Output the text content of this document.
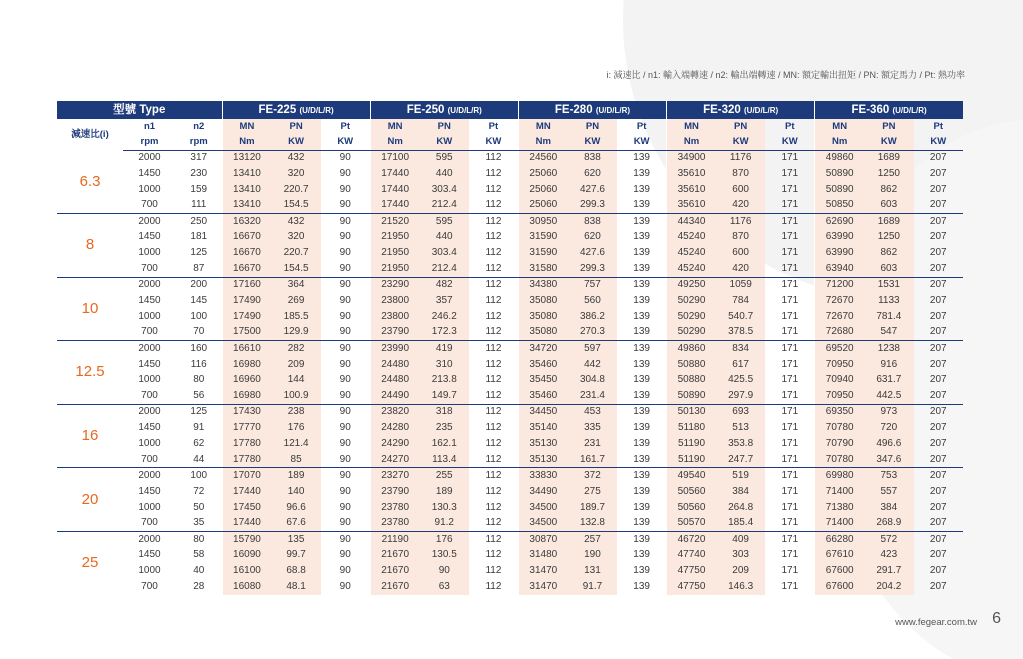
i: 減速比 / n1: 輸入端轉速 / n2: 輸出端轉速 / MN: 額定輸出扭矩 / PN: 額定馬力 / Pt: 熱功率
型號 Type			FE-225 (U/D/L/R)			FE-250 (U/D/L/R)			FE-280 (U/D/L/R)			FE-320 (U/D/L/R)			FE-360 (U/D/L/R)		
減速比(i)	n1	n2	MN	PN	Pt	MN	PN	Pt	MN	PN	Pt	MN	PN	Pt	MN	PN	Pt
	rpm	rpm	Nm	KW	KW	Nm	KW	KW	Nm	KW	KW	Nm	KW	KW	Nm	KW	KW
6.3	2000	317	13120	432	90	17100	595	112	24560	838	139	34900	1176	171	49860	1689	207
	1450	230	13410	320	90	17440	440	112	25060	620	139	35610	870	171	50890	1250	207
	1000	159	13410	220.7	90	17440	303.4	112	25060	427.6	139	35610	600	171	50890	862	207
	700	111	13410	154.5	90	17440	212.4	112	25060	299.3	139	35610	420	171	50850	603	207
8	2000	250	16320	432	90	21520	595	112	30950	838	139	44340	1176	171	62690	1689	207
	1450	181	16670	320	90	21950	440	112	31590	620	139	45240	870	171	63990	1250	207
	1000	125	16670	220.7	90	21950	303.4	112	31590	427.6	139	45240	600	171	63990	862	207
	700	87	16670	154.5	90	21950	212.4	112	31580	299.3	139	45240	420	171	63940	603	207
10	2000	200	17160	364	90	23290	482	112	34380	757	139	49250	1059	171	71200	1531	207
	1450	145	17490	269	90	23800	357	112	35080	560	139	50290	784	171	72670	1133	207
	1000	100	17490	185.5	90	23800	246.2	112	35080	386.2	139	50290	540.7	171	72670	781.4	207
	700	70	17500	129.9	90	23790	172.3	112	35080	270.3	139	50290	378.5	171	72680	547	207
12.5	2000	160	16610	282	90	23990	419	112	34720	597	139	49860	834	171	69520	1238	207
	1450	116	16980	209	90	24480	310	112	35460	442	139	50880	617	171	70950	916	207
	1000	80	16960	144	90	24480	213.8	112	35450	304.8	139	50880	425.5	171	70940	631.7	207
	700	56	16980	100.9	90	24490	149.7	112	35460	231.4	139	50890	297.9	171	70950	442.5	207
16	2000	125	17430	238	90	23820	318	112	34450	453	139	50130	693	171	69350	973	207
	1450	91	17770	176	90	24280	235	112	35140	335	139	51180	513	171	70780	720	207
	1000	62	17780	121.4	90	24290	162.1	112	35130	231	139	51190	353.8	171	70790	496.6	207
	700	44	17780	85	90	24270	113.4	112	35130	161.7	139	51190	247.7	171	70780	347.6	207
20	2000	100	17070	189	90	23270	255	112	33830	372	139	49540	519	171	69980	753	207
	1450	72	17440	140	90	23790	189	112	34490	275	139	50560	384	171	71400	557	207
	1000	50	17450	96.6	90	23780	130.3	112	34500	189.7	139	50560	264.8	171	71380	384	207
	700	35	17440	67.6	90	23780	91.2	112	34500	132.8	139	50570	185.4	171	71400	268.9	207
25	2000	80	15790	135	90	21190	176	112	30870	257	139	46720	409	171	66280	572	207
	1450	58	16090	99.7	90	21670	130.5	112	31480	190	139	47740	303	171	67610	423	207
	1000	40	16100	68.8	90	21670	90	112	31470	131	139	47750	209	171	67600	291.7	207
	700	28	16080	48.1	90	21670	63	112	31470	91.7	139	47750	146.3	171	67600	204.2	207
www.fegear.com.tw 6
